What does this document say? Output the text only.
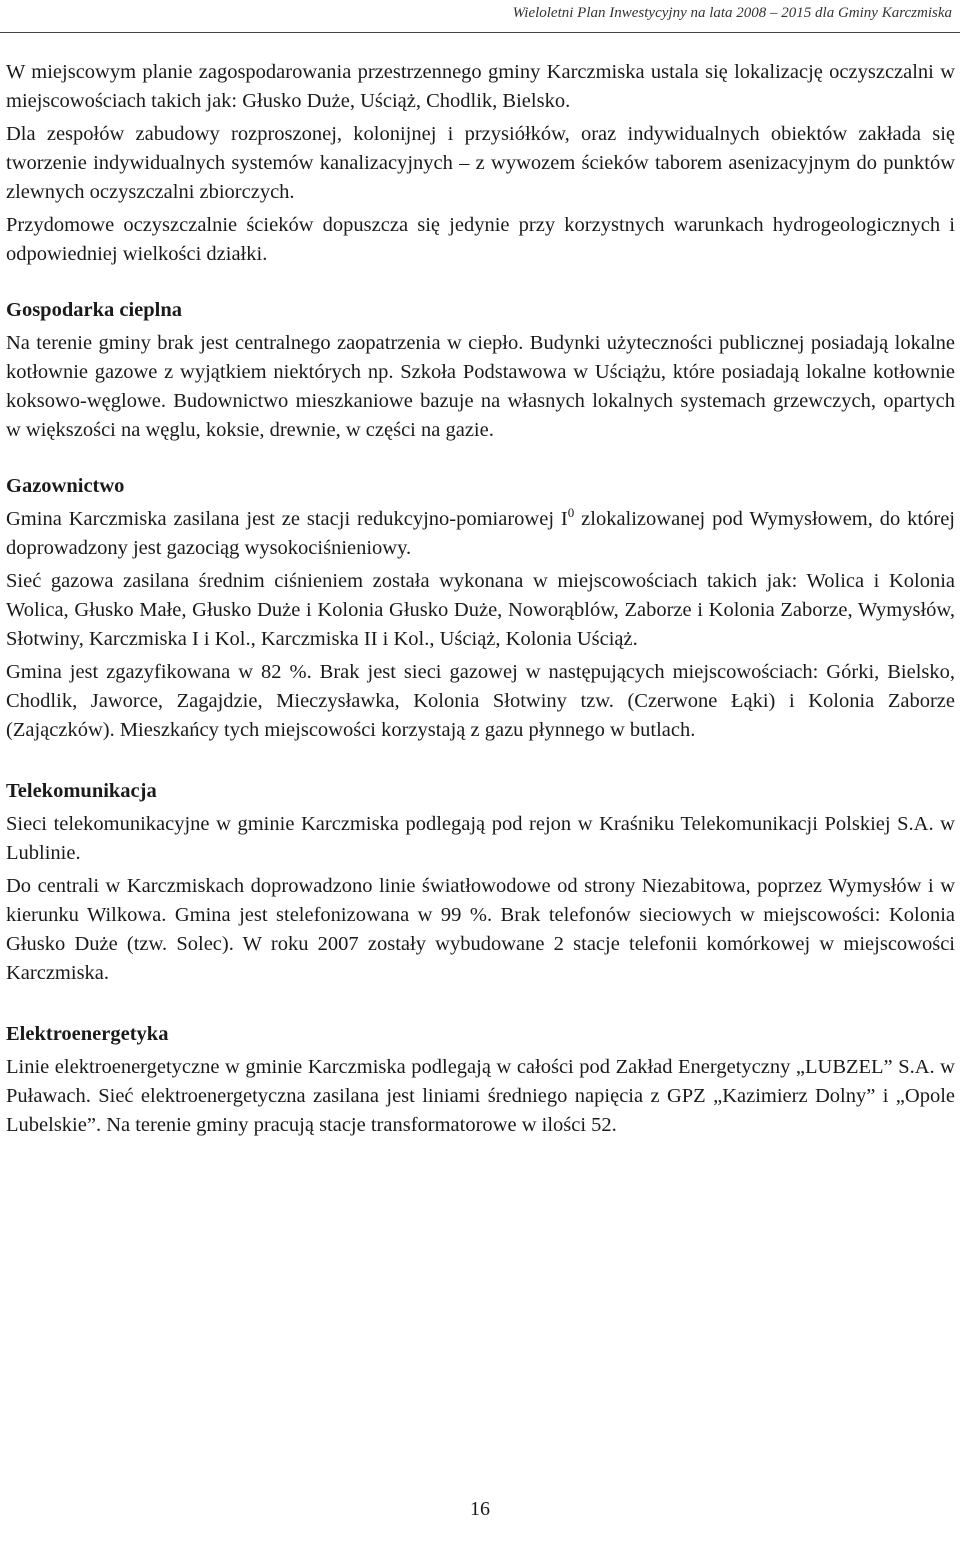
Wieloletni Plan Inwestycyjny na lata 2008 – 2015 dla Gminy Karczmiska

W miejscowym planie zagospodarowania przestrzennego gminy Karczmiska ustala się lokalizację oczyszczalni w miejscowościach takich jak: Głusko Duże, Uściąż, Chodlik, Bielsko.

Dla zespołów zabudowy rozproszonej, kolonijnej i przysiółków, oraz indywidualnych obiektów zakłada się tworzenie indywidualnych systemów kanalizacyjnych – z wywozem ścieków taborem asenizacyjnym do punktów zlewnych oczyszczalni zbiorczych.

Przydomowe oczyszczalnie ścieków dopuszcza się jedynie przy korzystnych warunkach hydrogeologicznych i odpowiedniej wielkości działki.

Gospodarka cieplna

Na terenie gminy brak jest centralnego zaopatrzenia w ciepło. Budynki użyteczności publicznej posiadają lokalne kotłownie gazowe z wyjątkiem niektórych np. Szkoła Podstawowa w Uściążu, które posiadają lokalne kotłownie koksowo-węglowe. Budownictwo mieszkaniowe bazuje na własnych lokalnych systemach grzewczych, opartych w większości na węglu, koksie, drewnie, w części na gazie.

Gazownictwo

Gmina Karczmiska zasilana jest ze stacji redukcyjno-pomiarowej $I^0$ zlokalizowanej pod Wymysłowem, do której doprowadzony jest gazociąg wysokociśnieniowy.

Sieć gazowa zasilana średnim ciśnieniem została wykonana w miejscowościach takich jak: Wolica i Kolonia Wolica, Głusko Małe, Głusko Duże i Kolonia Głusko Duże, Noworąblów, Zaborze i Kolonia Zaborze, Wymysłów, Słotwiny, Karczmiska I i Kol., Karczmiska II i Kol., Uściąż, Kolonia Uściąż.

Gmina jest zgazyfikowana w 82 %. Brak jest sieci gazowej w następujących miejscowościach: Górki, Bielsko, Chodlik, Jaworce, Zagajdzie, Mieczysławka, Kolonia Słotwiny tzw. (Czerwone Łąki) i Kolonia Zaborze (Zajączków). Mieszkańcy tych miejscowości korzystają z gazu płynnego w butlach.

Telekomunikacja

Sieci telekomunikacyjne w gminie Karczmiska podlegają pod rejon w Kraśniku Telekomunikacji Polskiej S.A. w Lublinie.

Do centrali w Karczmiskach doprowadzono linie światłowodowe od strony Niezabitowa, poprzez Wymysłów i w kierunku Wilkowa. Gmina jest stelefonizowana w 99 %. Brak telefonów sieciowych w miejscowości: Kolonia Głusko Duże (tzw. Solec). W roku 2007 zostały wybudowane 2 stacje telefonii komórkowej w miejscowości Karczmiska.

Elektroenergetyka

Linie elektroenergetyczne w gminie Karczmiska podlegają w całości pod Zakład Energetyczny „LUBZEL” S.A. w Puławach. Sieć elektroenergetyczna zasilana jest liniami średniego napięcia z GPZ „Kazimierz Dolny” i „Opole Lubelskie”. Na terenie gminy pracują stacje transformatorowe w ilości 52.

16
